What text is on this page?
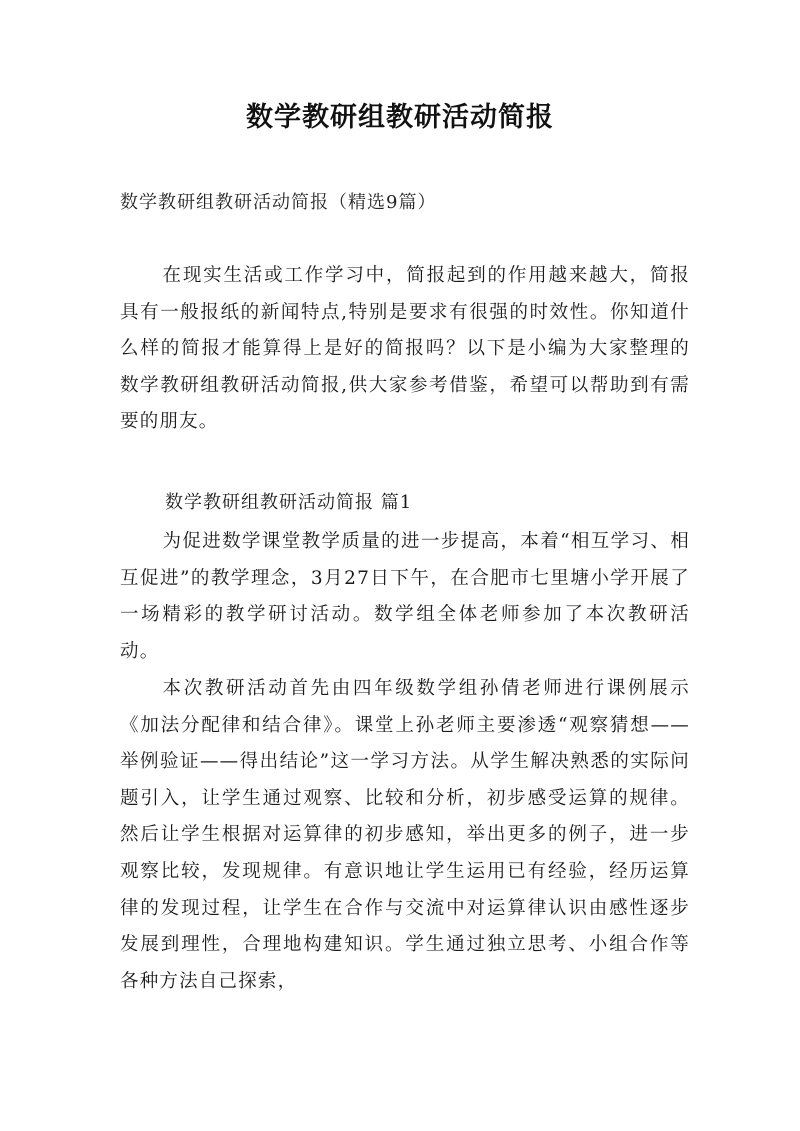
数学教研组教研活动简报
数学教研组教研活动简报（精选9篇）

在现实生活或工作学习中，简报起到的作用越来越大，简报具有一般报纸的新闻特点,特别是要求有很强的时效性。你知道什么样的简报才能算得上是好的简报吗？以下是小编为大家整理的数学教研组教研活动简报,供大家参考借鉴，希望可以帮助到有需要的朋友。

数学教研组教研活动简报 篇1

为促进数学课堂教学质量的进一步提高，本着“相互学习、相互促进”的教学理念，3月27日下午，在合肥市七里塘小学开展了一场精彩的教学研讨活动。数学组全体老师参加了本次教研活动。

本次教研活动首先由四年级数学组孙倩老师进行课例展示《加法分配律和结合律》。课堂上孙老师主要渗透“观察猜想——举例验证——得出结论”这一学习方法。从学生解决熟悉的实际问题引入，让学生通过观察、比较和分析，初步感受运算的规律。然后让学生根据对运算律的初步感知，举出更多的例子，进一步观察比较，发现规律。有意识地让学生运用已有经验，经历运算律的发现过程，让学生在合作与交流中对运算律认识由感性逐步发展到理性，合理地构建知识。学生通过独立思考、小组合作等各种方法自己探索，
